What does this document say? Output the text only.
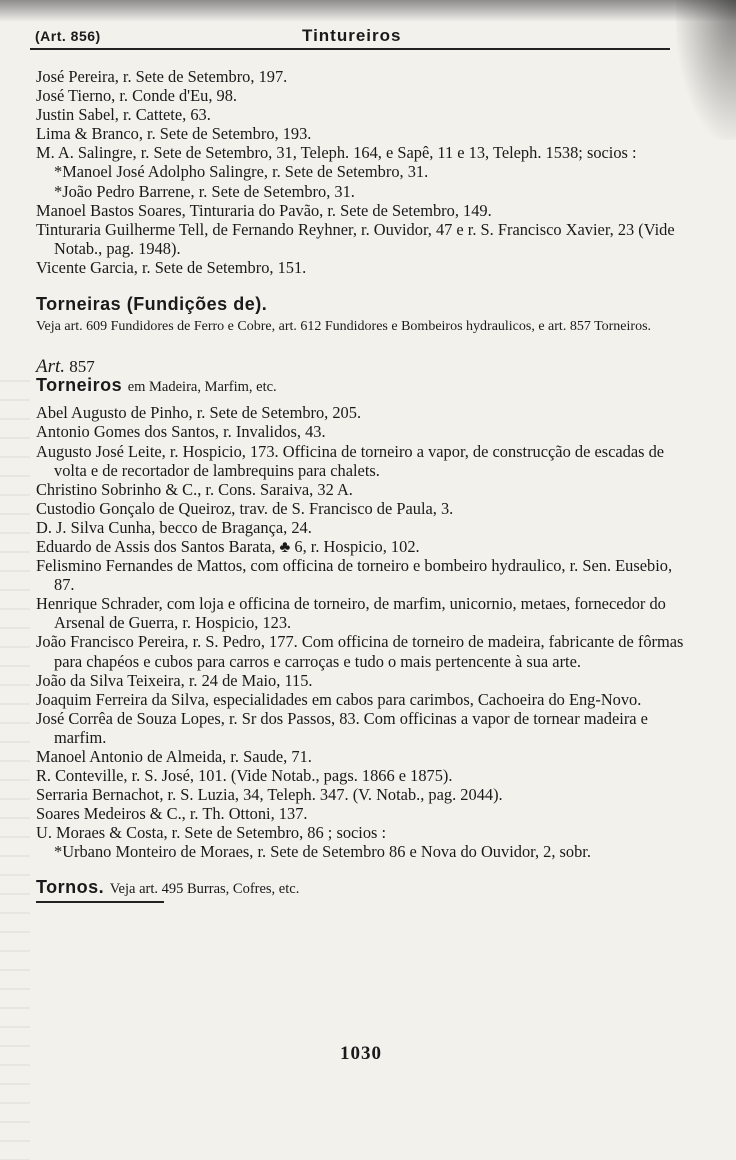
(Art. 856)	Tintureiros
José Pereira, r. Sete de Setembro, 197.
José Tierno, r. Conde d'Eu, 98.
Justin Sabel, r. Cattete, 63.
Lima & Branco, r. Sete de Setembro, 193.
M. A. Salingre, r. Sete de Setembro, 31, Teleph. 164, e Sapê, 11 e 13, Teleph. 1538; socios :
*Manoel José Adolpho Salingre, r. Sete de Setembro, 31.
*João Pedro Barrene, r. Sete de Setembro, 31.
Manoel Bastos Soares, Tinturaria do Pavão, r. Sete de Setembro, 149.
Tinturaria Guilherme Tell, de Fernando Reyhner, r. Ouvidor, 47 e r. S. Francisco Xavier, 23 (Vide Notab., pag. 1948).
Vicente Garcia, r. Sete de Setembro, 151.
Torneiras (Fundições de).
Veja art. 609 Fundidores de Ferro e Cobre, art. 612 Fundidores e Bombeiros hydraulicos, e art. 857 Torneiros.
Art. 857
Torneiros em Madeira, Marfim, etc.
Abel Augusto de Pinho, r. Sete de Setembro, 205.
Antonio Gomes dos Santos, r. Invalidos, 43.
Augusto José Leite, r. Hospicio, 173. Officina de torneiro a vapor, de construcção de escadas de volta e de recortador de lambrequins para chalets.
Christino Sobrinho & C., r. Cons. Saraiva, 32 A.
Custodio Gonçalo de Queiroz, trav. de S. Francisco de Paula, 3.
D. J. Silva Cunha, becco de Bragança, 24.
Eduardo de Assis dos Santos Barata, ♣ 6, r. Hospicio, 102.
Felismino Fernandes de Mattos, com officina de torneiro e bombeiro hydraulico, r. Sen. Eusebio, 87.
Henrique Schrader, com loja e officina de torneiro, de marfim, unicornio, metaes, fornecedor do Arsenal de Guerra, r. Hospicio, 123.
João Francisco Pereira, r. S. Pedro, 177. Com officina de torneiro de madeira, fabricante de fôrmas para chapéos e cubos para carros e carroças e tudo o mais pertencente à sua arte.
João da Silva Teixeira, r. 24 de Maio, 115.
Joaquim Ferreira da Silva, especialidades em cabos para carimbos, Cachoeira do Eng-Novo.
José Corrêa de Souza Lopes, r. Sr dos Passos, 83. Com officinas a vapor de tornear madeira e marfim.
Manoel Antonio de Almeida, r. Saude, 71.
R. Conteville, r. S. José, 101. (Vide Notab., pags. 1866 e 1875).
Serraria Bernachot, r. S. Luzia, 34, Teleph. 347. (V. Notab., pag. 2044).
Soares Medeiros & C., r. Th. Ottoni, 137.
U. Moraes & Costa, r. Sete de Setembro, 86 ; socios :
*Urbano Monteiro de Moraes, r. Sete de Setembro 86 e Nova do Ouvidor, 2, sobr.
Tornos. Veja art. 495 Burras, Cofres, etc.
1030
